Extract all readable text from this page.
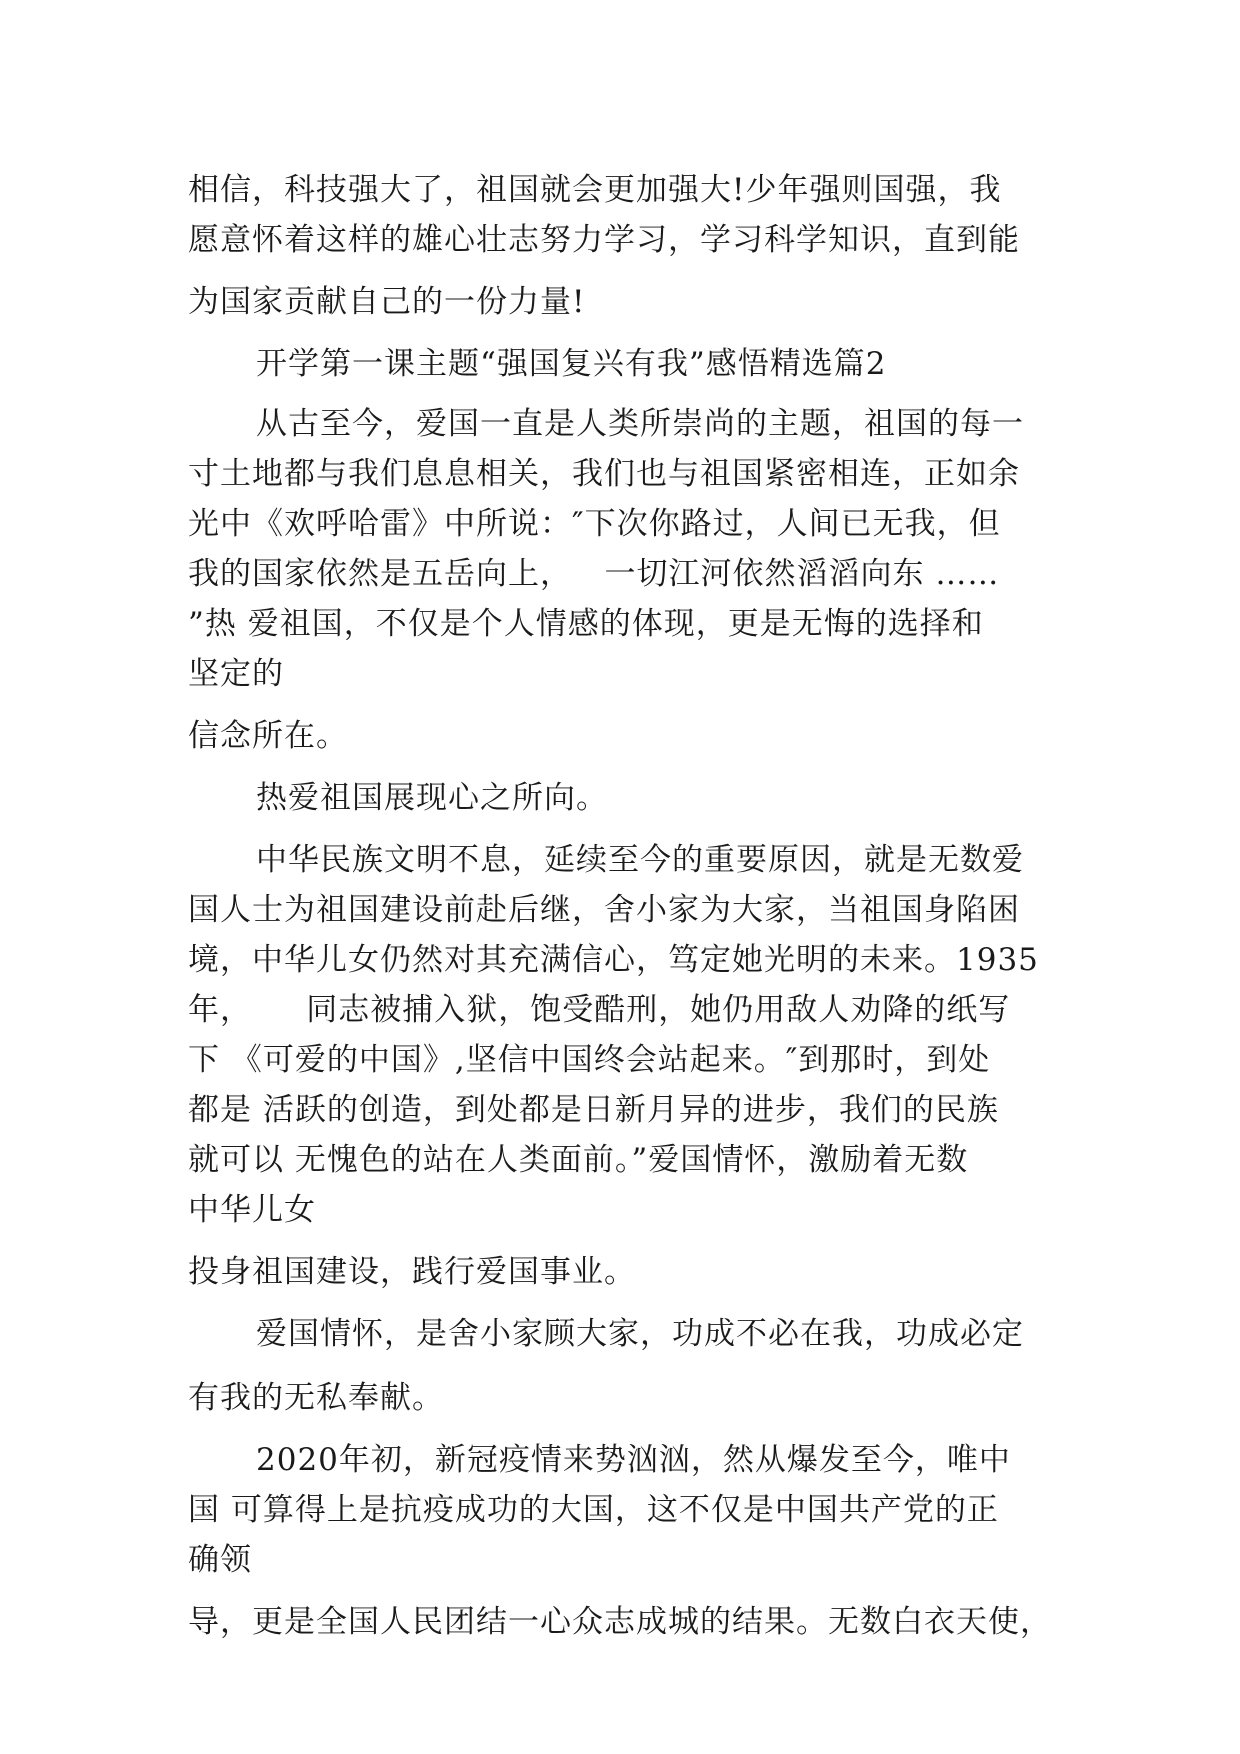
相信，科技强大了，祖国就会更加强大!少年强则国强，我
愿意怀着这样的雄心壮志努力学习，学习科学知识，直到能
为国家贡献自己的一份力量!
开学第一课主题“强国复兴有我”感悟精选篇2
从古至今，爱国一直是人类所崇尚的主题，祖国的每一
寸土地都与我们息息相关，我们也与祖国紧密相连，正如余
光中《欢呼哈雷》中所说：″下次你路过，人间已无我，但
我的国家依然是五岳向上，   一切江河依然滔滔向东 ……
”热 爱祖国，不仅是个人情感的体现，更是无悔的选择和
坚定的
信念所在。
热爱祖国展现心之所向。
中华民族文明不息，延续至今的重要原因，就是无数爱
国人士为祖国建设前赴后继，舍小家为大家，当祖国身陷困
境，中华儿女仍然对其充满信心，笃定她光明的未来。1935
年，     同志被捕入狱，饱受酷刑，她仍用敌人劝降的纸写
下 《可爱的中国》,坚信中国终会站起来。″到那时，到处
都是 活跃的创造，到处都是日新月异的进步，我们的民族
就可以 无愧色的站在人类面前。”爱国情怀，激励着无数
中华儿女
投身祖国建设，践行爱国事业。
爱国情怀，是舍小家顾大家，功成不必在我，功成必定
有我的无私奉献。
2020年初，新冠疫情来势汹汹，然从爆发至今，唯中
国 可算得上是抗疫成功的大国，这不仅是中国共产党的正
确领
导，更是全国人民团结一心众志成城的结果。无数白衣天使，
